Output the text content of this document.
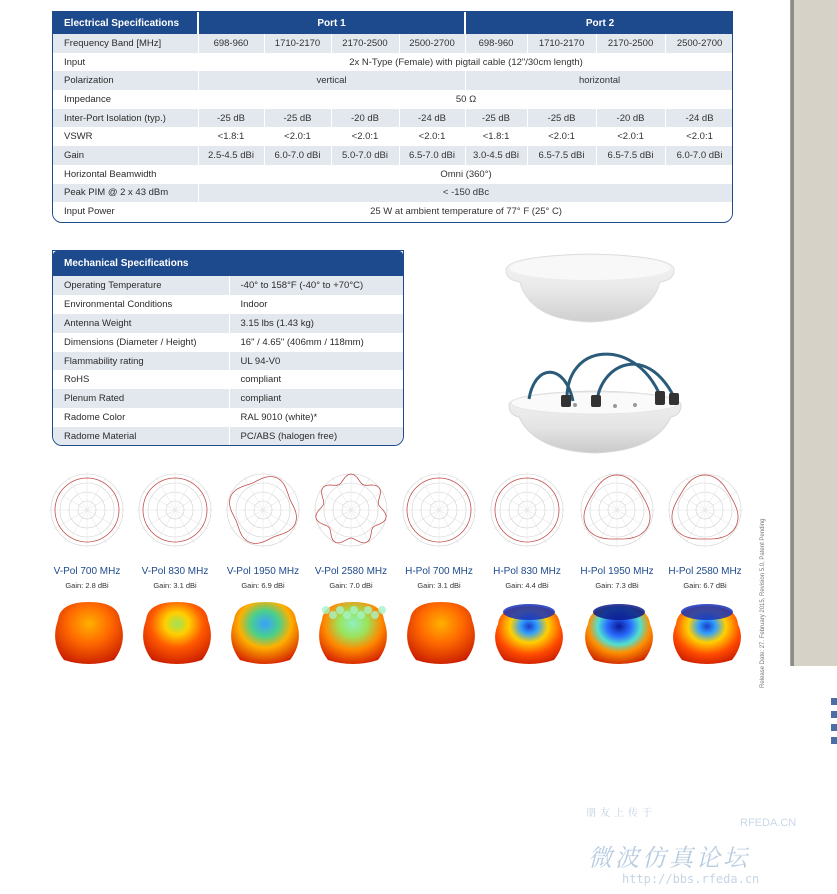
Electrical Specifications	Port 1				Port 2			
Frequency Band [MHz]	698-960	1710-2170	2170-2500	2500-2700	698-960	1710-2170	2170-2500	2500-2700
Input	2x N-Type (Female) with pigtail cable (12"/30cm length)							
Polarization	vertical				horizontal			
Impedance	50 Ω							
Inter-Port Isolation (typ.)	-25 dB	-25 dB	-20 dB	-24 dB	-25 dB	-25 dB	-20 dB	-24 dB
VSWR	<1.8:1	<2.0:1	<2.0:1	<2.0:1	<1.8:1	<2.0:1	<2.0:1	<2.0:1
Gain	2.5-4.5 dBi	6.0-7.0 dBi	5.0-7.0 dBi	6.5-7.0 dBi	3.0-4.5 dBi	6.5-7.5 dBi	6.5-7.5 dBi	6.0-7.0 dBi
Horizontal Beamwidth	Omni (360°)							
Peak PIM @ 2 x 43 dBm	< -150 dBc							
Input Power	25 W at ambient temperature of 77° F (25° C)							
Mechanical Specifications
Operating Temperature	-40° to 158°F (-40° to +70°C)
Environmental Conditions	Indoor
Antenna Weight	3.15 lbs (1.43 kg)
Dimensions (Diameter / Height)	16" / 4.65" (406mm / 118mm)
Flammability rating	UL 94-V0
RoHS	compliant
Plenum Rated	compliant
Radome Color	RAL 9010 (white)*
Radome Material	PC/ABS (halogen free)
V-Pol 700 MHz
Gain: 2.8 dBi
V-Pol 830 MHz
Gain: 3.1 dBi
V-Pol 1950 MHz
Gain: 6.9 dBi
V-Pol 2580 MHz
Gain: 7.0 dBi
H-Pol 700 MHz
Gain: 3.1 dBi
H-Pol 830 MHz
Gain: 4.4 dBi
H-Pol 1950 MHz
Gain: 7.3 dBi
H-Pol 2580 MHz
Gain: 6.7 dBi	Release Date: 27. February 2015, Revision 5.0, Patent Pending
朋友上传于
RFEDA.CN
微波仿真论坛
http://bbs.rfeda.cn
